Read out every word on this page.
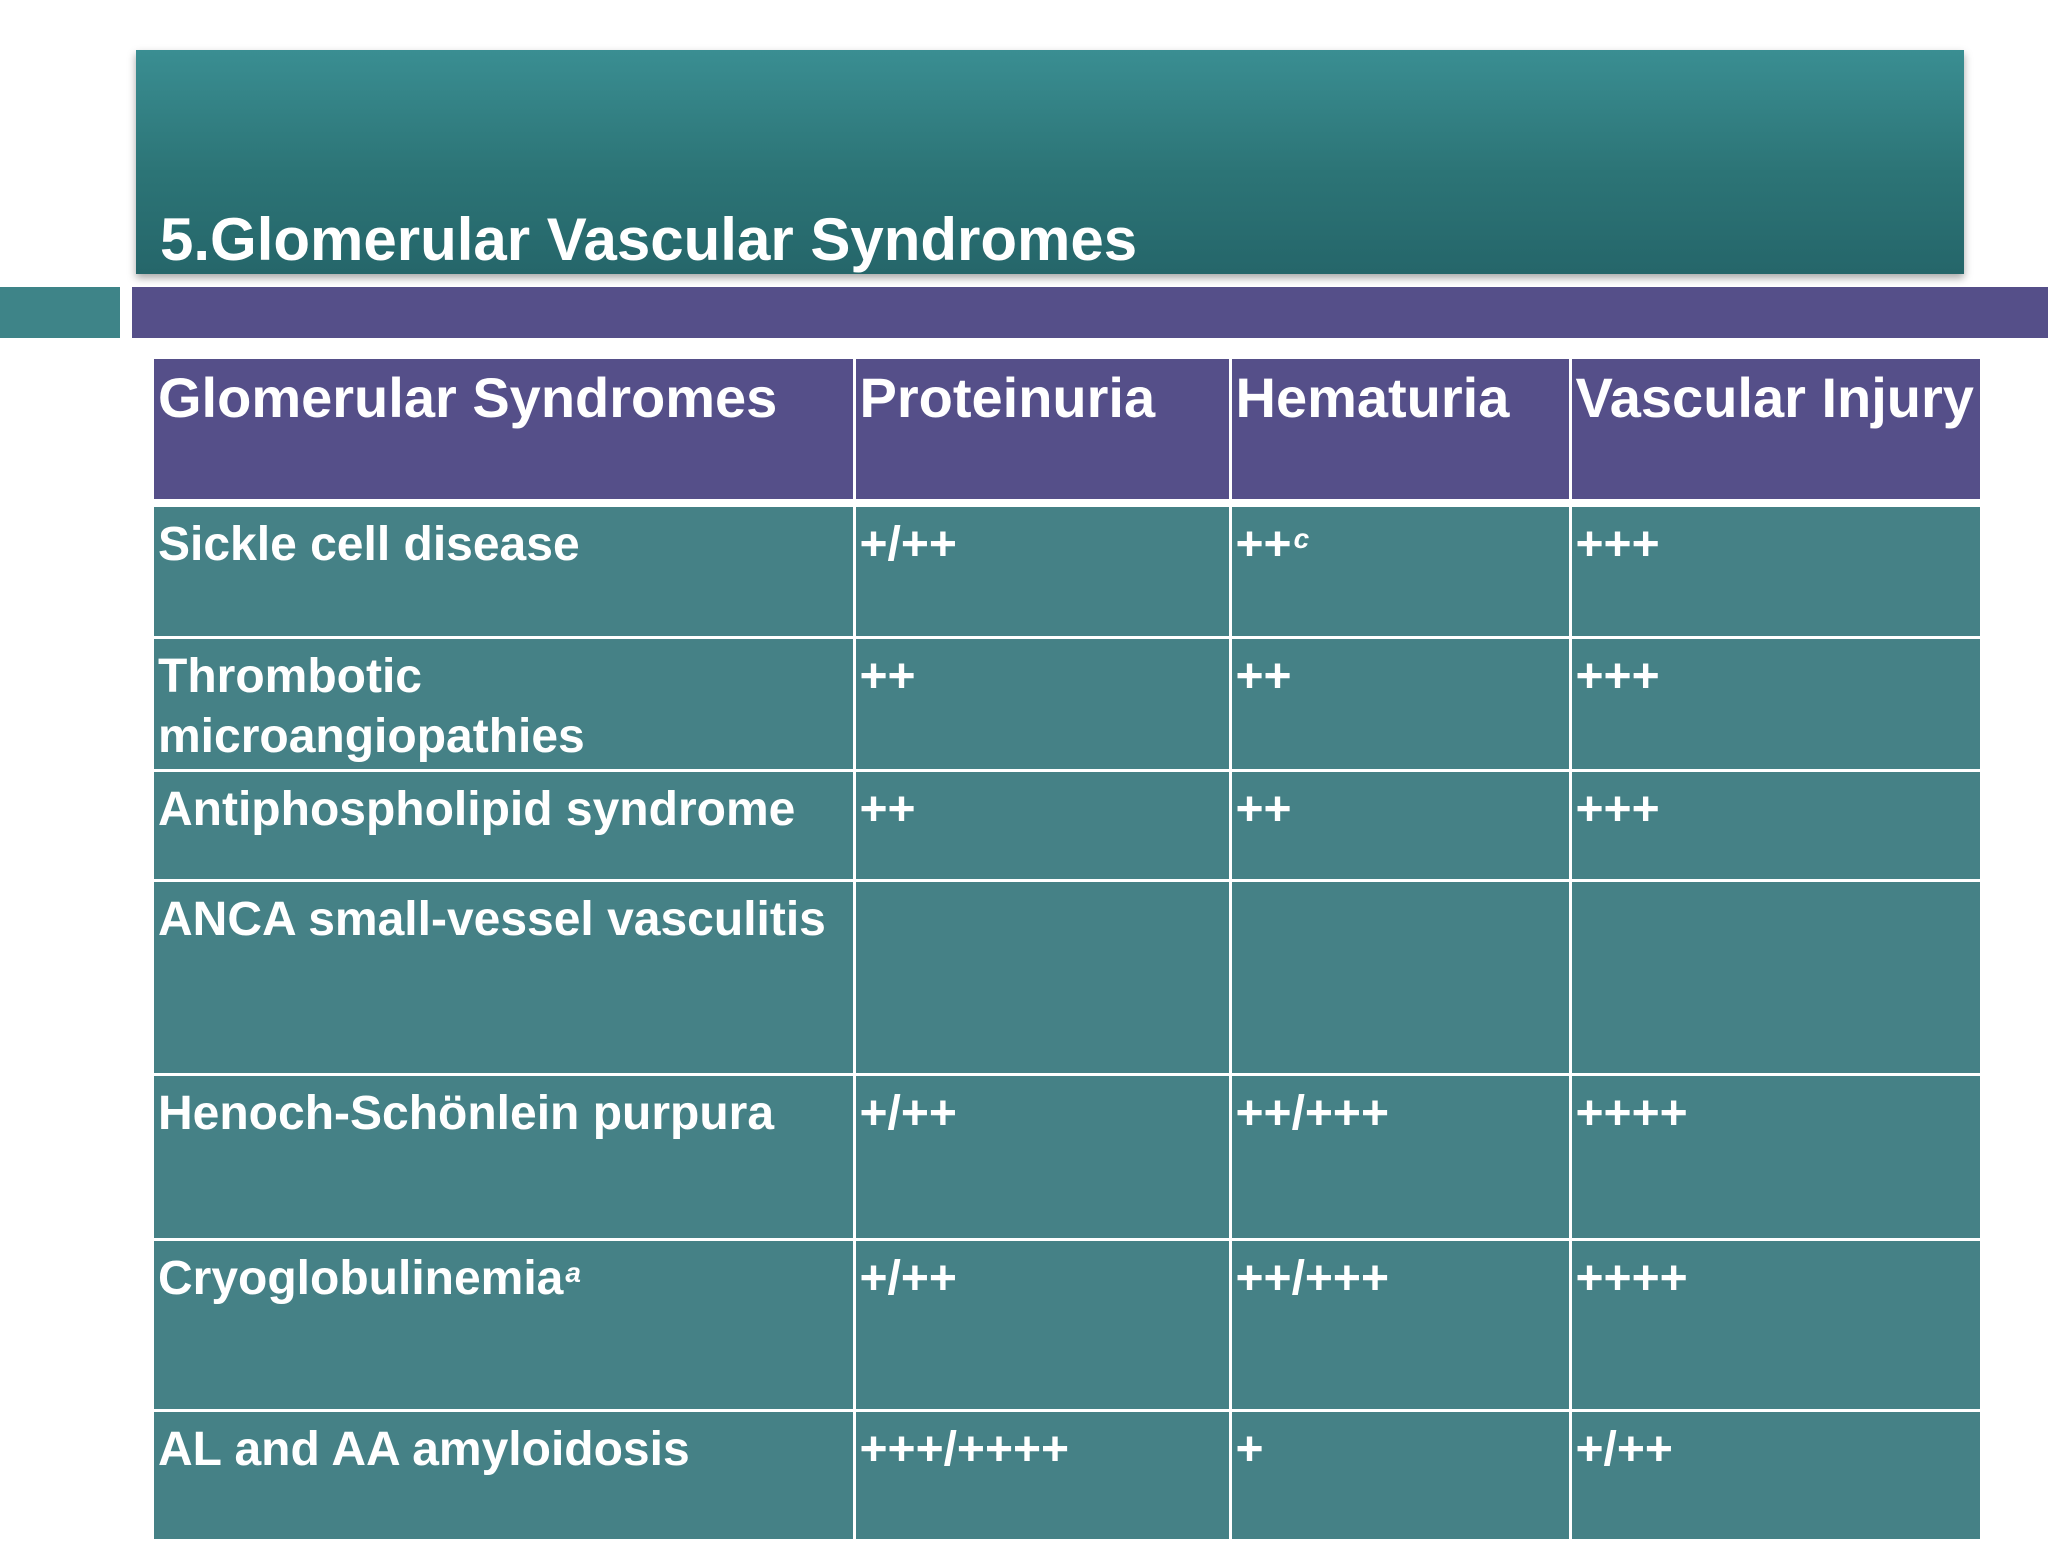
5.Glomerular Vascular Syndromes
Glomerular Syndromes	Proteinuria	Hematuria	Vascular Injury
Sickle cell disease	+/++	++$^c$	+++
Thrombotic microangiopathies	++	++	+++
Antiphospholipid syndrome	++	++	+++
ANCA small-vessel vasculitis			
Henoch-Schönlein purpura	+/++	++/+++	++++
Cryoglobulinemia$^a$	+/++	++/+++	++++
AL and AA amyloidosis	+++/++++	+	+/++
